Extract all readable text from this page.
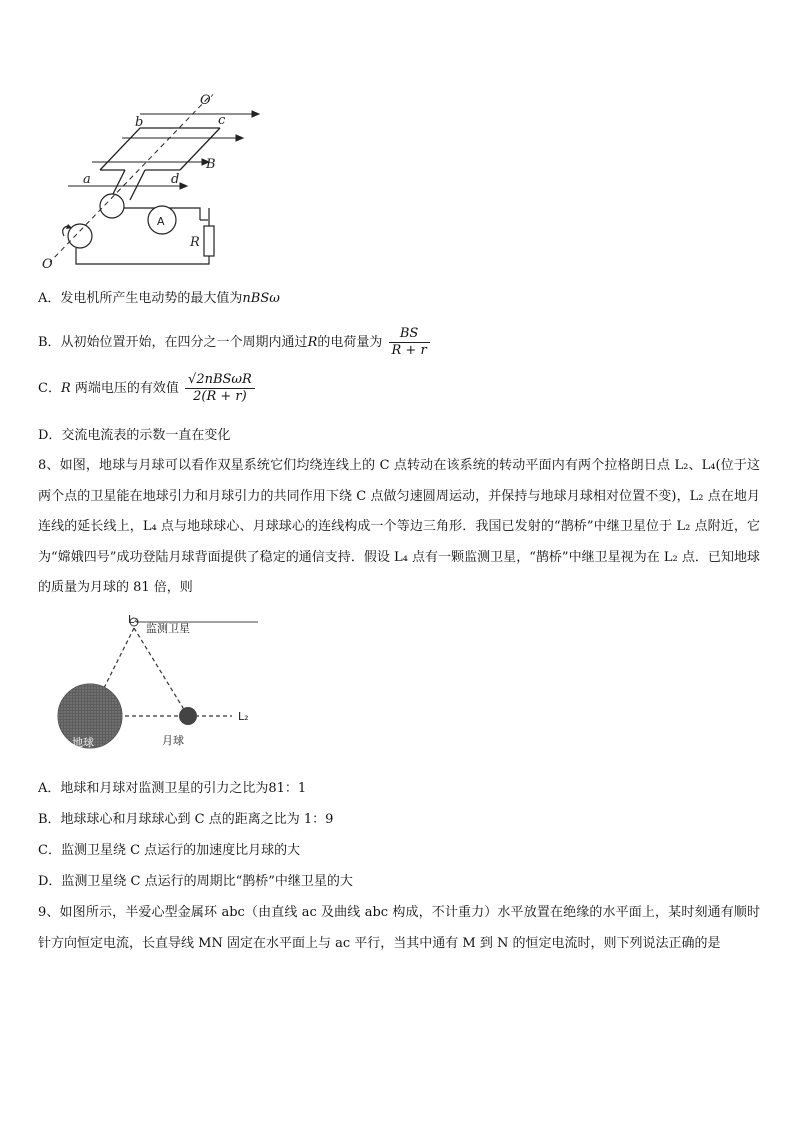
O′
b	c
B
a	d
A
R
O
A．发电机所产生电动势的最大值为nBSω
B．从初始位置开始，在四分之一个周期内通过R的电荷量为 $\frac{BS}{R + r}$
C．R 两端电压的有效值 $\frac{\text{√2nBSωR}}{2(R + r)}$
D．交流电流表的示数一直在变化
8、如图，地球与月球可以看作双星系统它们均绕连线上的 C 点转动在该系统的转动平面内有两个拉格朗日点 L₂、L₄(位于这两个点的卫星能在地球引力和月球引力的共同作用下绕 C 点做匀速圆周运动，并保持与地球月球相对位置不变)，L₂ 点在地月连线的延长线上，L₄ 点与地球球心、月球球心的连线构成一个等边三角形．我国已发射的“鹊桥”中继卫星位于 L₂ 点附近，它为“嫦娥四号”成功登陆月球背面提供了稳定的通信支持．假设 L₄ 点有一颗监测卫星，“鹊桥”中继卫星视为在 L₂ 点．已知地球的质量为月球的 81 倍，则
L₄
监测卫星
地球	月球
L₂
A．地球和月球对监测卫星的引力之比为81：1
B．地球球心和月球球心到 C 点的距离之比为 1：9
C．监测卫星绕 C 点运行的加速度比月球的大
D．监测卫星绕 C 点运行的周期比“鹊桥”中继卫星的大
9、如图所示，半爱心型金属环 abc（由直线 ac 及曲线 abc 构成，不计重力）水平放置在绝缘的水平面上，某时刻通有顺时针方向恒定电流，长直导线 MN 固定在水平面上与 ac 平行，当其中通有 M 到 N 的恒定电流时，则下列说法正确的是
